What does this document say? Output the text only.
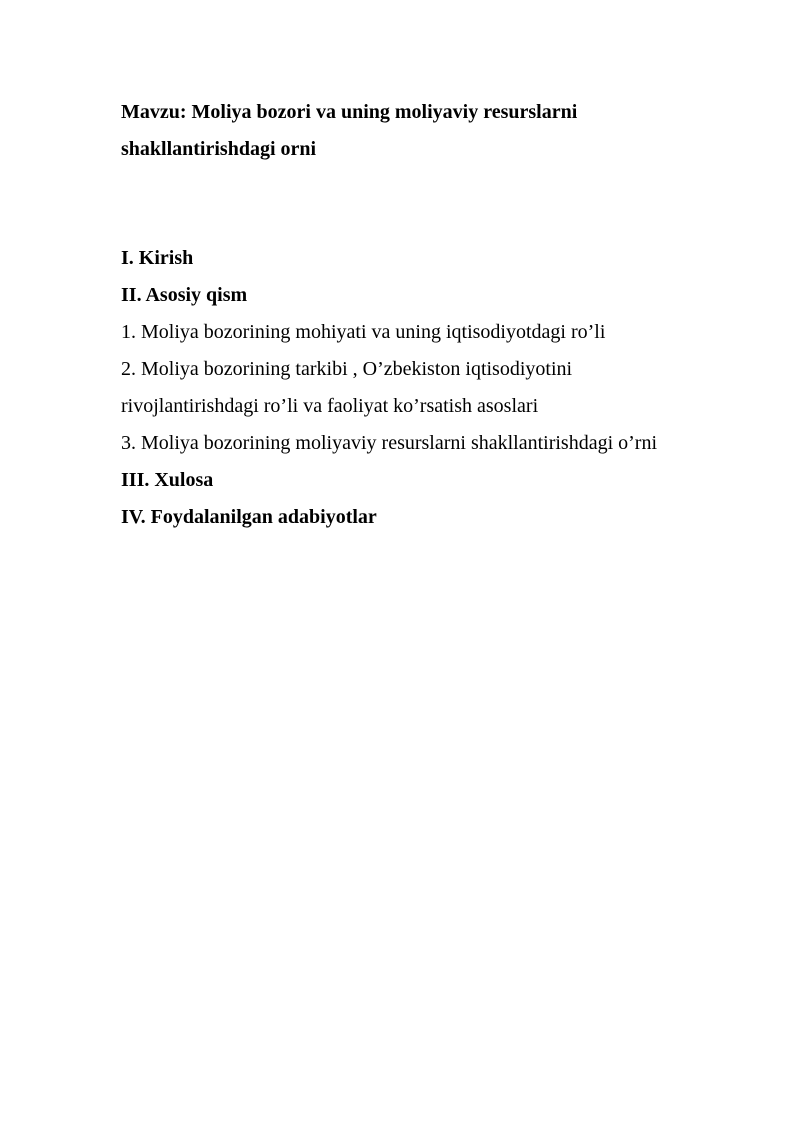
Mavzu: Moliya bozori va uning moliyaviy resurslarni
shakllantirishdagi orni
I. Kirish
II. Asosiy qism
1. Moliya bozorining mohiyati va uning iqtisodiyotdagi ro’li
2. Moliya bozorining tarkibi , O’zbekiston iqtisodiyotini
rivojlantirishdagi ro’li va faoliyat ko’rsatish asoslari
3. Moliya bozorining moliyaviy resurslarni shakllantirishdagi o’rni
III. Xulosa
IV. Foydalanilgan adabiyotlar
